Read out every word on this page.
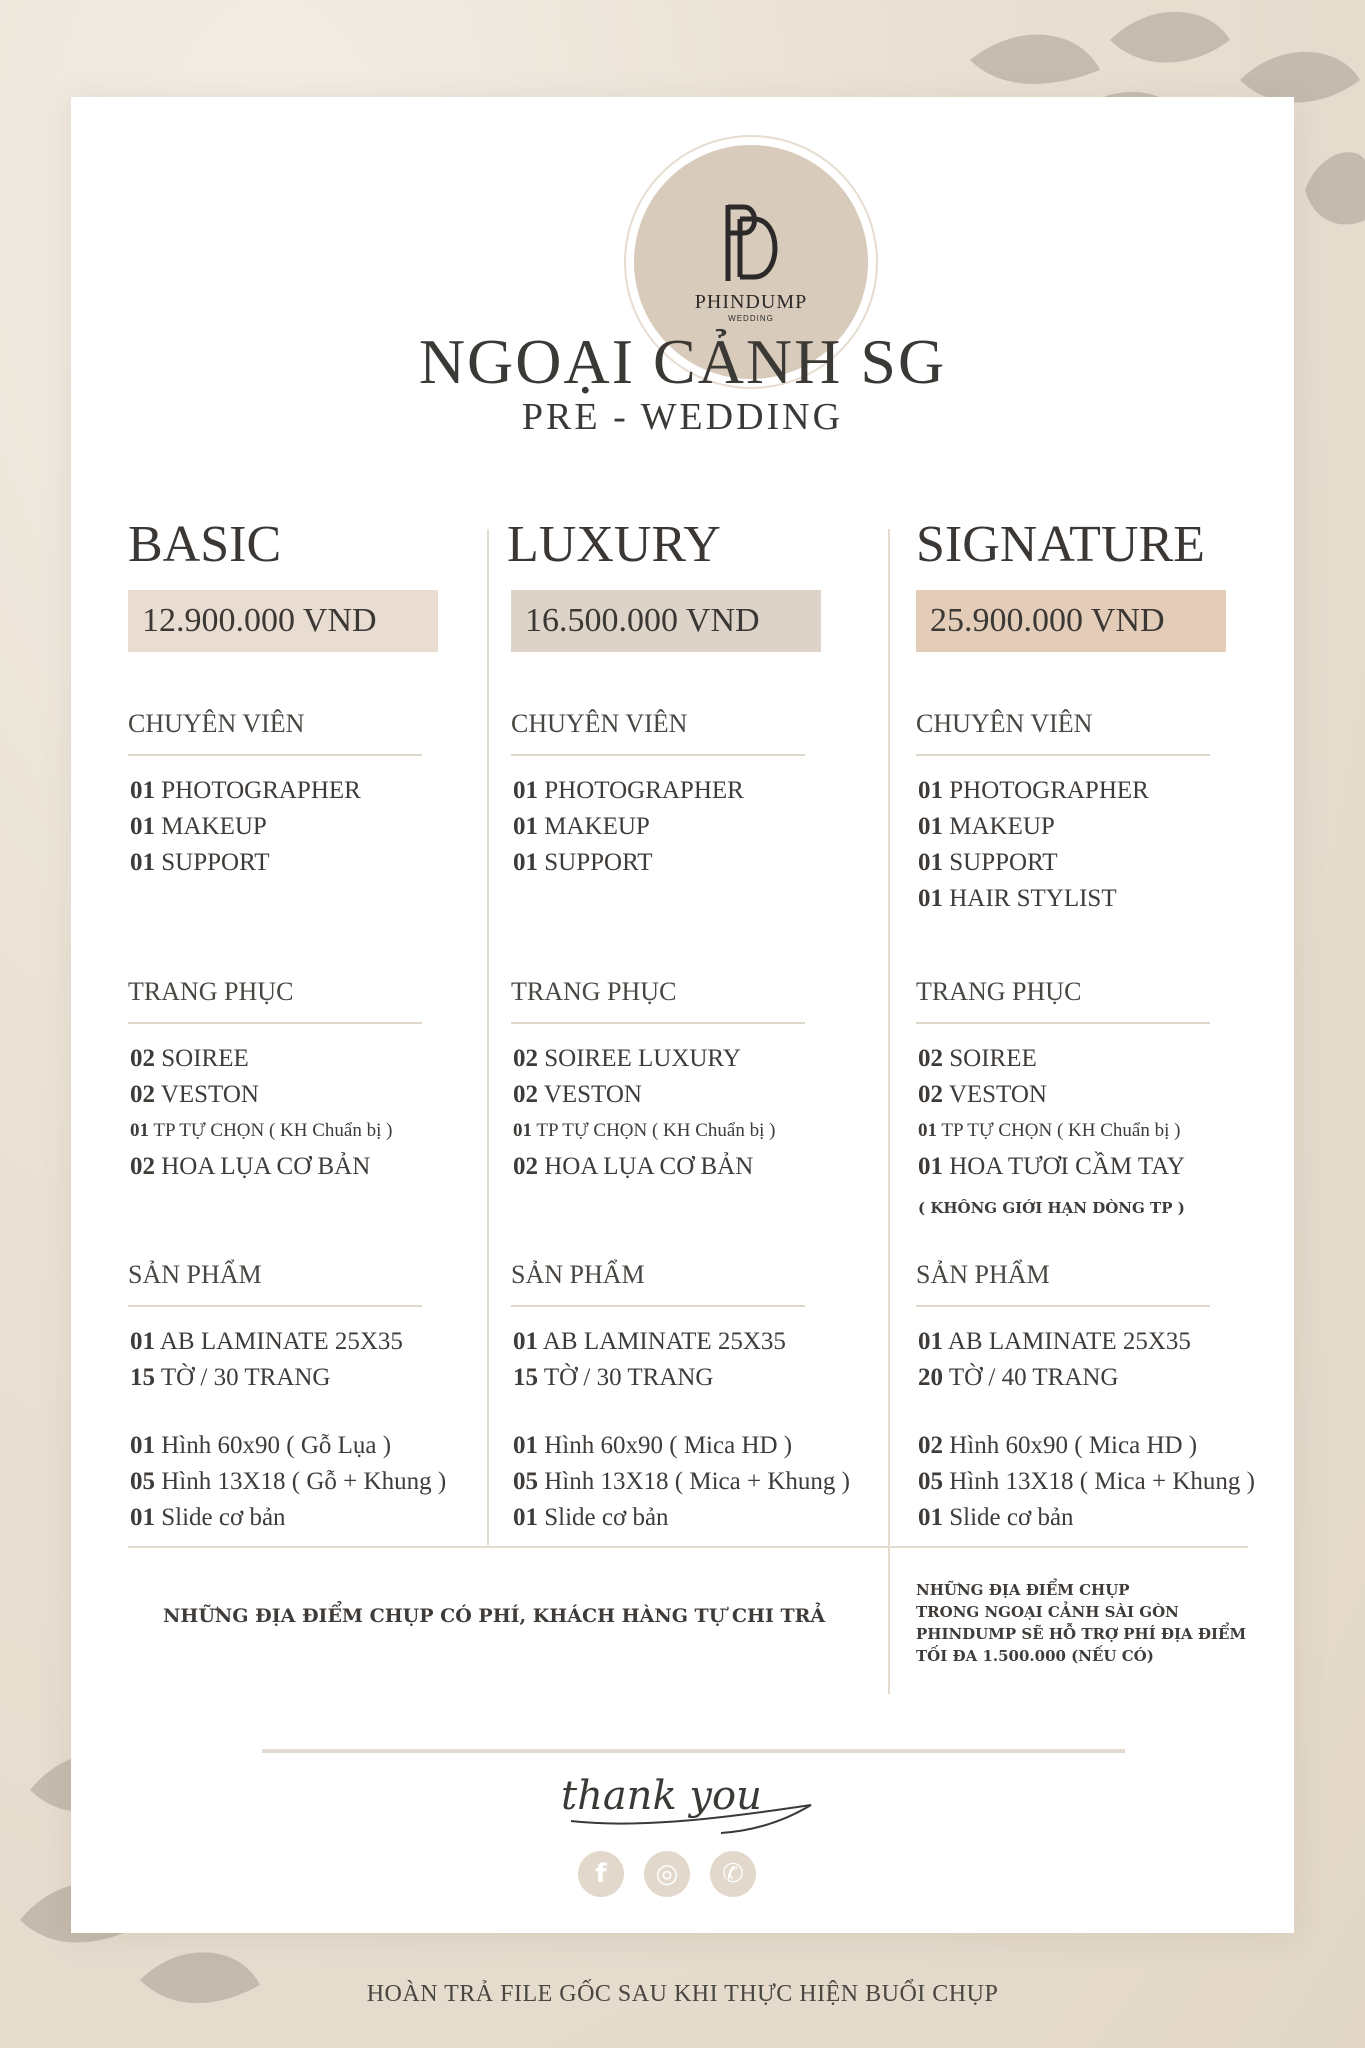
PHINDUMP
WEDDING
BASIC
12.900.000 VND
CHUYÊN VIÊN
01 PHOTOGRAPHER
01 MAKEUP
01 SUPPORT
TRANG PHỤC
02 SOIREE
02 VESTON
01 TP TỰ CHỌN ( KH Chuẩn bị )
02 HOA LỤA CƠ BẢN
SẢN PHẨM
01 AB LAMINATE 25X35
15 TỜ / 30 TRANG
01 Hình 60x90 ( Gỗ Lụa )
05 Hình 13X18 ( Gỗ + Khung )
01 Slide cơ bản
LUXURY
16.500.000 VND
CHUYÊN VIÊN
01 PHOTOGRAPHER
01 MAKEUP
01 SUPPORT
TRANG PHỤC
02 SOIREE LUXURY
02 VESTON
01 TP TỰ CHỌN ( KH Chuẩn bị )
02 HOA LỤA CƠ BẢN
SẢN PHẨM
01 AB LAMINATE 25X35
15 TỜ / 30 TRANG
01 Hình 60x90 ( Mica HD )
05 Hình 13X18 ( Mica + Khung )
01 Slide cơ bản
SIGNATURE
25.900.000 VND
CHUYÊN VIÊN
01 PHOTOGRAPHER
01 MAKEUP
01 SUPPORT
01 HAIR STYLIST
TRANG PHỤC
02 SOIREE
02 VESTON
01 TP TỰ CHỌN ( KH Chuẩn bị )
01 HOA TƯƠI CẦM TAY
( KHÔNG GIỚI HẠN DÒNG TP )
SẢN PHẨM
01 AB LAMINATE 25X35
20 TỜ / 40 TRANG
02 Hình 60x90 ( Mica HD )
05 Hình 13X18 ( Mica + Khung )
01 Slide cơ bản
NHỮNG ĐỊA ĐIỂM CHỤP CÓ PHÍ, KHÁCH HÀNG TỰ CHI TRẢ
NHỮNG ĐỊA ĐIỂM CHỤP
TRONG NGOẠI CẢNH SÀI GÒN
PHINDUMP SẼ HỖ TRỢ PHÍ ĐỊA ĐIỂM
TỐI ĐA 1.500.000 (NẾU CÓ)
thank you
f ◎ ✆
HOÀN TRẢ FILE GỐC SAU KHI THỰC HIỆN BUỔI CHỤP
NGOẠI CẢNH SG
PRE - WEDDING
